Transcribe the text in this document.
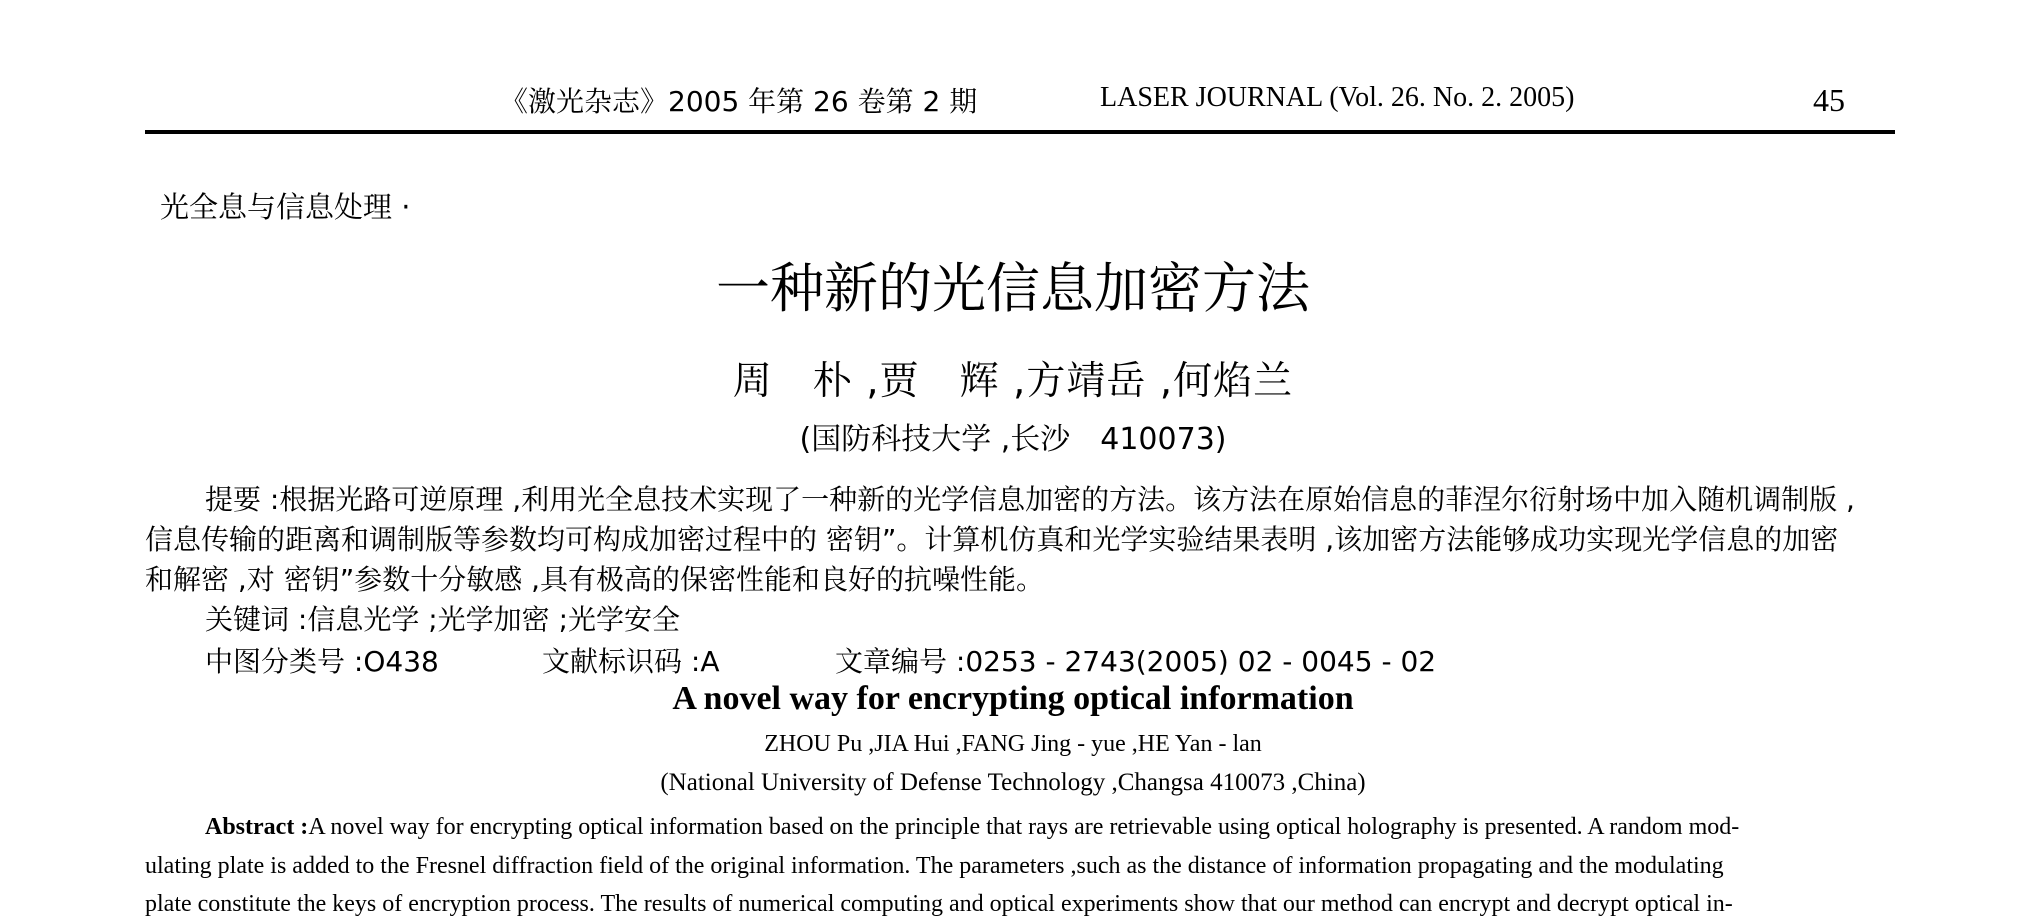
《激光杂志》2005 年第 26 卷第 2 期	LASER JOURNAL (Vol. 26. No. 2. 2005)	45
光全息与信息处理 ·
一种新的光信息加密方法
周　朴 ,贾　辉 ,方靖岳 ,何焰兰
(国防科技大学 ,长沙　410073)
提要 :根据光路可逆原理 ,利用光全息技术实现了一种新的光学信息加密的方法。该方法在原始信息的菲涅尔衍射场中加入随机调制版 ,
信息传输的距离和调制版等参数均可构成加密过程中的 密钥”。计算机仿真和光学实验结果表明 ,该加密方法能够成功实现光学信息的加密
和解密 ,对 密钥”参数十分敏感 ,具有极高的保密性能和良好的抗噪性能。
关键词 :信息光学 ;光学加密 ;光学安全
中图分类号 :O438	文献标识码 :A	文章编号 :0253 - 2743(2005) 02 - 0045 - 02
A novel way for encrypting optical information
ZHOU Pu ,JIA Hui ,FANG Jing - yue ,HE Yan - lan
(National University of Defense Technology ,Changsa 410073 ,China)
Abstract :A novel way for encrypting optical information based on the principle that rays are retrievable using optical holography is presented. A random mod-
ulating plate is added to the Fresnel diffraction field of the original information. The parameters ,such as the distance of information propagating and the modulating
plate constitute the keys of encryption process. The results of numerical computing and optical experiments show that our method can encrypt and decrypt optical in-
